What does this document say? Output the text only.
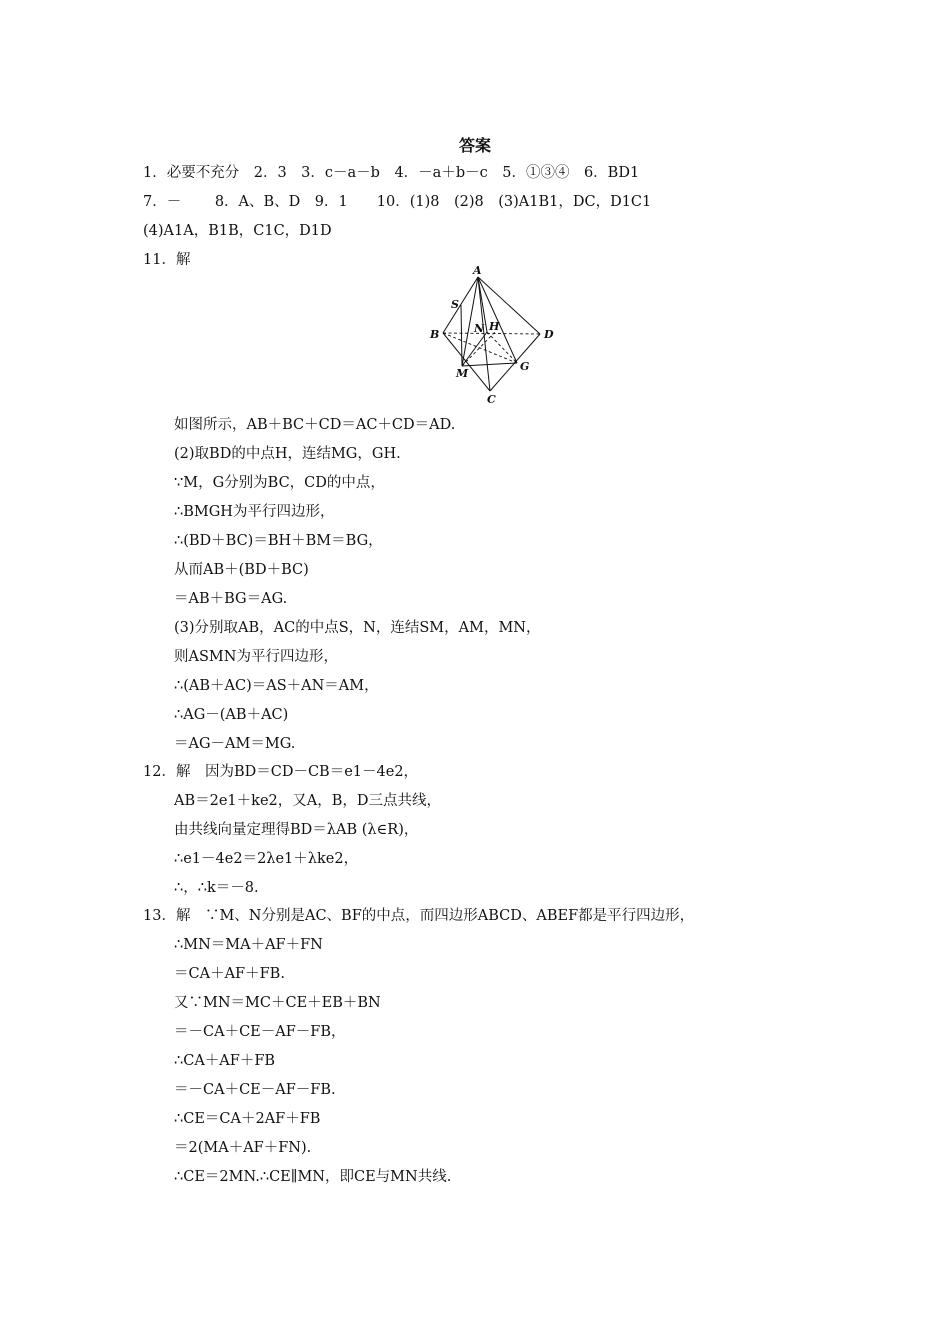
答案
1．必要不充分　2．3　3．c－a－b　4．－a＋b－c　5．①③④　6．BD1
7．－　　 8．A、B、D　9．1　　10．(1)8　(2)8　(3)A1B1，DC，D1C1
(4)A1A，B1B，C1C，D1D
11．解
A
S
B	N H
D
M
G
C
如图所示，AB＋BC＋CD＝AC＋CD＝AD.
(2)取BD的中点H，连结MG，GH.
∵M，G分别为BC，CD的中点，
∴BMGH为平行四边形，
∴(BD＋BC)＝BH＋BM＝BG，
从而AB＋(BD＋BC)
＝AB＋BG＝AG.
(3)分别取AB，AC的中点S，N，连结SM，AM，MN，
则ASMN为平行四边形，
∴(AB＋AC)＝AS＋AN＝AM，
∴AG－(AB＋AC)
＝AG－AM＝MG.
12．解　因为BD＝CD－CB＝e1－4e2，
AB＝2e1＋ke2，又A，B，D三点共线，
由共线向量定理得BD＝λAB (λ∈R)，
∴e1－4e2＝2λe1＋λke2，
∴，∴k＝－8.
13．解　∵M、N分别是AC、BF的中点，而四边形ABCD、ABEF都是平行四边形，
∴MN＝MA＋AF＋FN
＝CA＋AF＋FB.
又∵MN＝MC＋CE＋EB＋BN
＝－CA＋CE－AF－FB，
∴CA＋AF＋FB
＝－CA＋CE－AF－FB.
∴CE＝CA＋2AF＋FB
＝2(MA＋AF＋FN).
∴CE＝2MN.∴CE∥MN，即CE与MN共线.
